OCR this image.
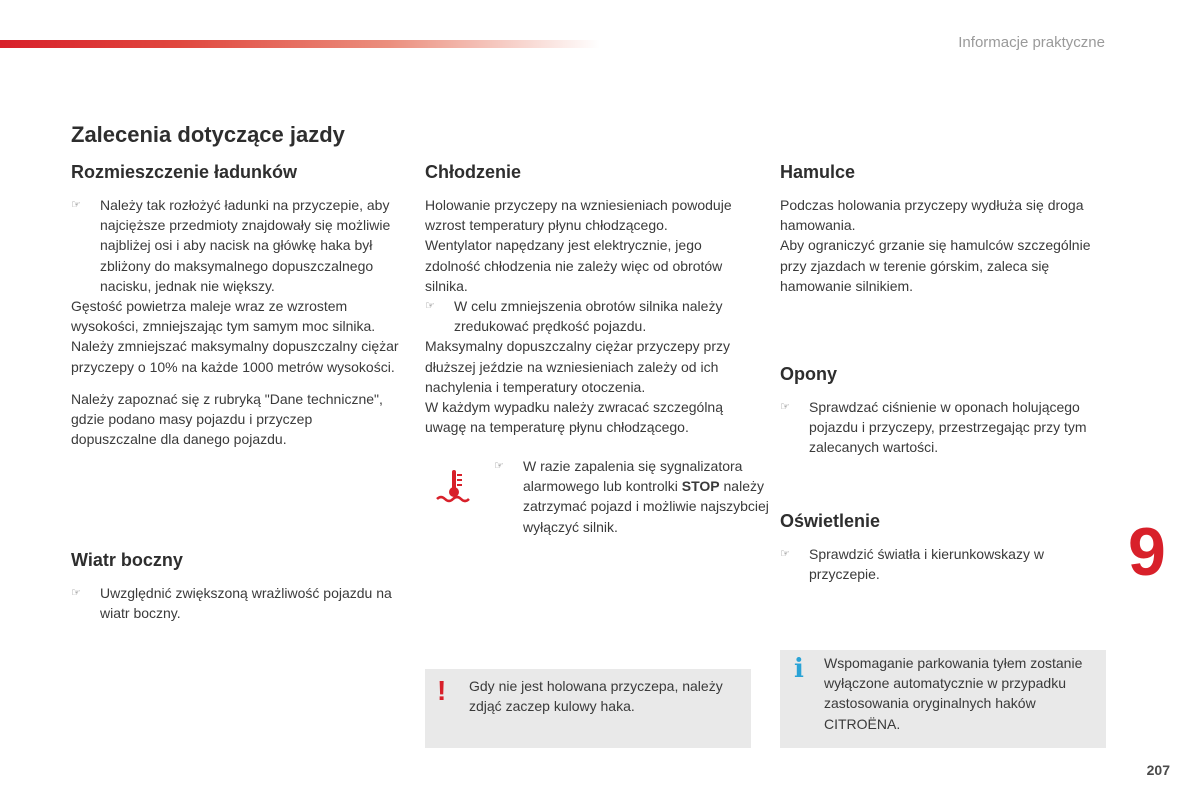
Informacje praktyczne
Zalecenia dotyczące jazdy
Rozmieszczenie ładunków
☞ Należy tak rozłożyć ładunki na przyczepie, aby najcięższe przedmioty znajdowały się możliwie najbliżej osi i aby nacisk na główkę haka był zbliżony do maksymalnego dopuszczalnego nacisku, jednak nie większy.

Gęstość powietrza maleje wraz ze wzrostem wysokości, zmniejszając tym samym moc silnika. Należy zmniejszać maksymalny dopuszczalny ciężar przyczepy o 10% na każde 1000 metrów wysokości.

Należy zapoznać się z rubryką "Dane techniczne", gdzie podano masy pojazdu i przyczep dopuszczalne dla danego pojazdu.

Wiatr boczny
☞ Uwzględnić zwiększoną wrażliwość pojazdu na wiatr boczny.
Chłodzenie

Holowanie przyczepy na wzniesieniach powoduje wzrost temperatury płynu chłodzącego.

Wentylator napędzany jest elektrycznie, jego zdolność chłodzenia nie zależy więc od obrotów silnika.

☞ W celu zmniejszenia obrotów silnika należy zredukować prędkość pojazdu.

Maksymalny dopuszczalny ciężar przyczepy przy dłuższej jeździe na wzniesieniach zależy od ich nachylenia i temperatury otoczenia.

W każdym wypadku należy zwracać szczególną uwagę na temperaturę płynu chłodzącego.

☞ W razie zapalenia się sygnalizatora alarmowego lub kontrolki STOP należy zatrzymać pojazd i możliwie najszybciej wyłączyć silnik.
! Gdy nie jest holowana przyczepa, należy zdjąć zaczep kulowy haka.
Hamulce

Podczas holowania przyczepy wydłuża się droga hamowania.

Aby ograniczyć grzanie się hamulców szczególnie przy zjazdach w terenie górskim, zaleca się hamowanie silnikiem.

Opony
☞ Sprawdzać ciśnienie w oponach holującego pojazdu i przyczepy, przestrzegając przy tym zalecanych wartości.
Oświetlenie
☞ Sprawdzić światła i kierunkowskazy w przyczepie.
i Wspomaganie parkowania tyłem zostanie wyłączone automatycznie w przypadku zastosowania oryginalnych haków CITROËNA.
9
207
